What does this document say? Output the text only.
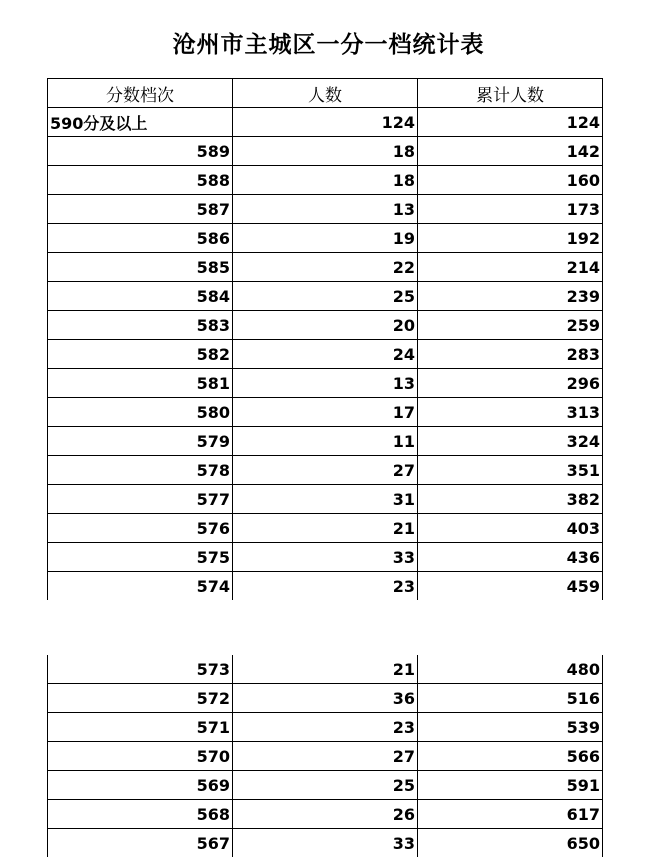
沧州市主城区一分一档统计表
分数档次	人数	累计人数
590分及以上	124	124
589	18	142
588	18	160
587	13	173
586	19	192
585	22	214
584	25	239
583	20	259
582	24	283
581	13	296
580	17	313
579	11	324
578	27	351
577	31	382
576	21	403
575	33	436
574	23	459
573	21	480
572	36	516
571	23	539
570	27	566
569	25	591
568	26	617
567	33	650
